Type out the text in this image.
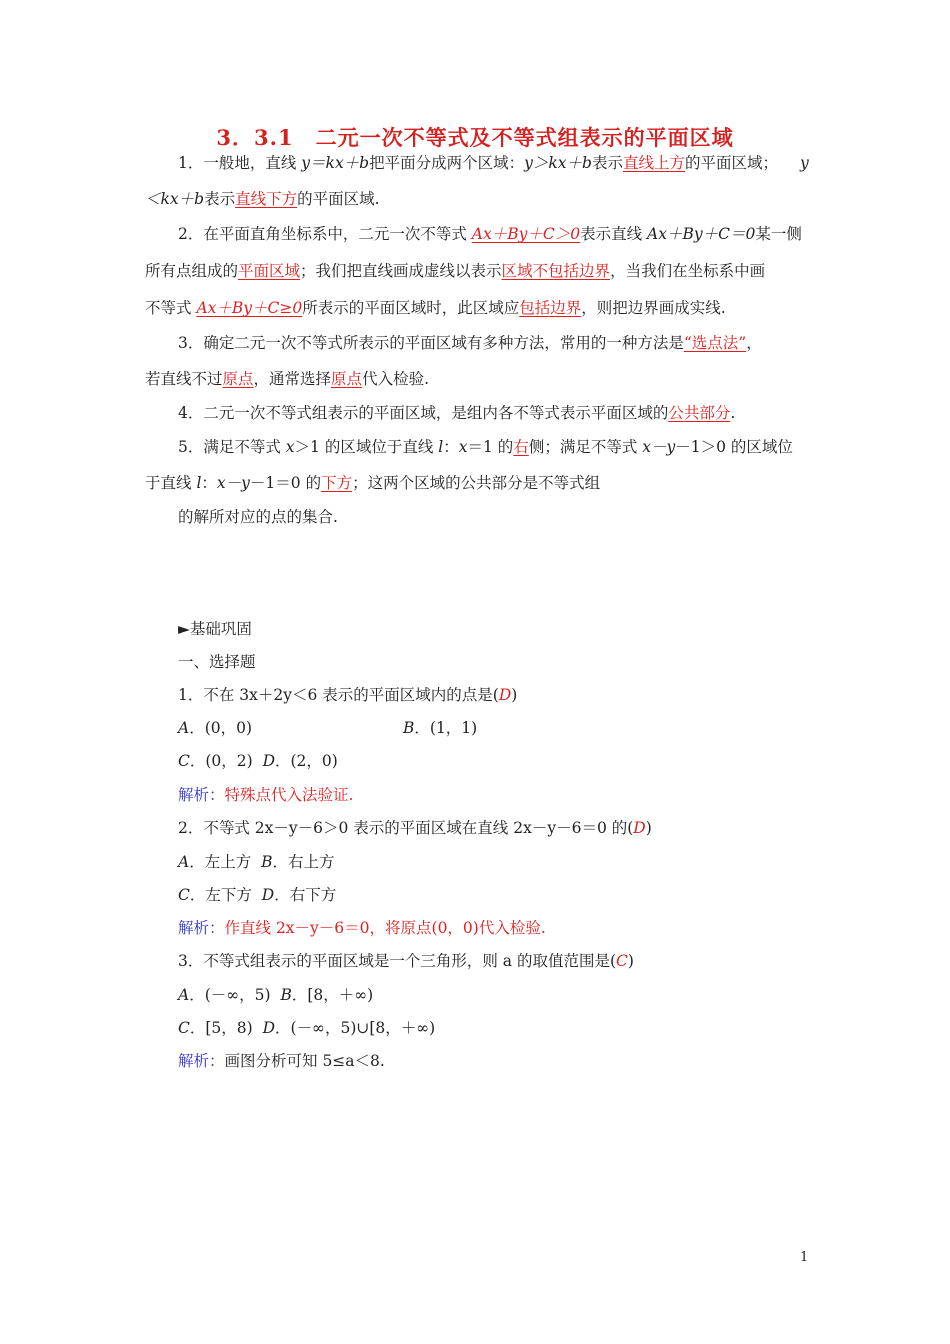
3．3.1　二元一次不等式及不等式组表示的平面区域
1．一般地，直线 y＝kx＋b把平面分成两个区域：y＞kx＋b表示直线上方的平面区域； y
＜kx＋b表示直线下方的平面区域.
2．在平面直角坐标系中，二元一次不等式 Ax＋By＋C＞0表示直线 Ax＋By＋C＝0某一侧
所有点组成的平面区域；我们把直线画成虚线以表示区域不包括边界，当我们在坐标系中画
不等式 Ax＋By＋C≥0所表示的平面区域时，此区域应包括边界，则把边界画成实线.
3．确定二元一次不等式所表示的平面区域有多种方法，常用的一种方法是“选点法”，
若直线不过原点，通常选择原点代入检验.
4．二元一次不等式组表示的平面区域，是组内各不等式表示平面区域的公共部分.
5．满足不等式 x＞1 的区域位于直线 l：x＝1 的右侧；满足不等式 x－y－1＞0 的区域位
于直线 l：x－y－1＝0 的下方；这两个区域的公共部分是不等式组
的解所对应的点的集合.
►基础巩固
一、选择题
1．不在 3x＋2y＜6 表示的平面区域内的点是(D)
A．(0，0)	B．(1，1)
C．(0，2) D．(2，0)
解析：特殊点代入法验证.
2．不等式 2x－y－6＞0 表示的平面区域在直线 2x－y－6＝0 的(D)
A．左上方 B．右上方
C．左下方 D．右下方
解析：作直线 2x－y－6＝0，将原点(0，0)代入检验.
3．不等式组表示的平面区域是一个三角形，则 a 的取值范围是(C)
A．(－∞，5) B．[8，＋∞)
C．[5，8) D．(－∞，5)∪[8，＋∞)
解析：画图分析可知 5≤a＜8.
1
